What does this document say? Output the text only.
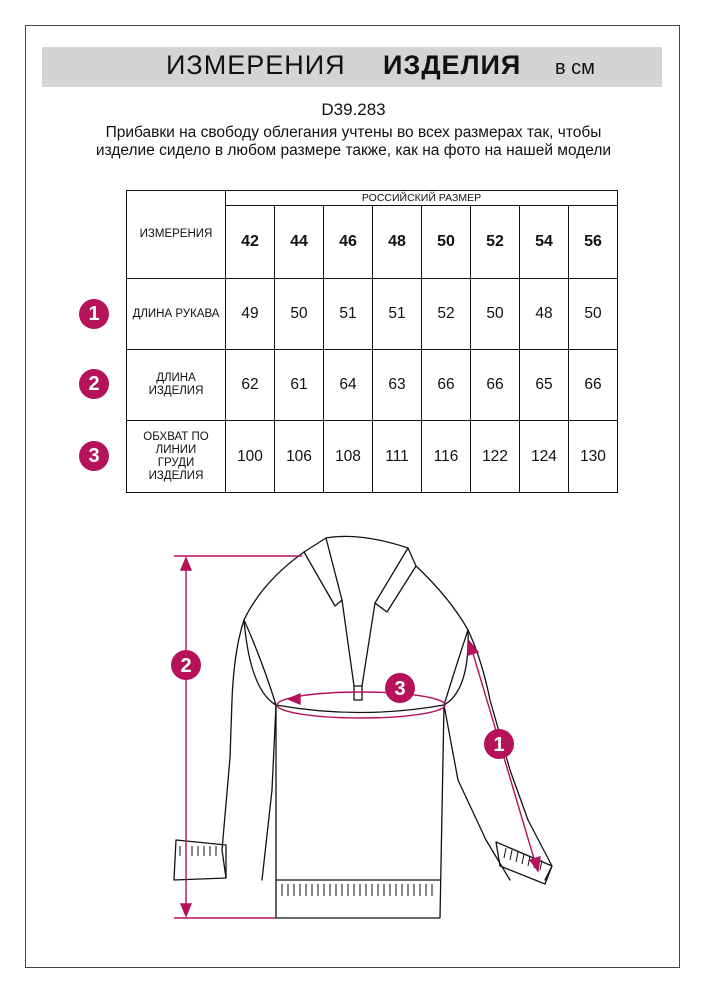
ИЗМЕРЕНИЯ ИЗДЕЛИЯ в см
D39.283
Прибавки на свободу облегания учтены во всех размерах так, чтобы изделие сидело в любом размере также, как на фото на нашей модели
ИЗМЕРЕНИЯ	РОССИЙСКИЙ РАЗМЕР							
	42	44	46	48	50	52	54	56
ДЛИНА РУКАВА	49	50	51	51	52	50	48	50
ДЛИНА ИЗДЕЛИЯ	62	61	64	63	66	66	65	66
ОБХВАТ ПО ЛИНИИ ГРУДИ ИЗДЕЛИЯ	100	106	108	111	116	122	124	130
1
2
3
2
3
1
